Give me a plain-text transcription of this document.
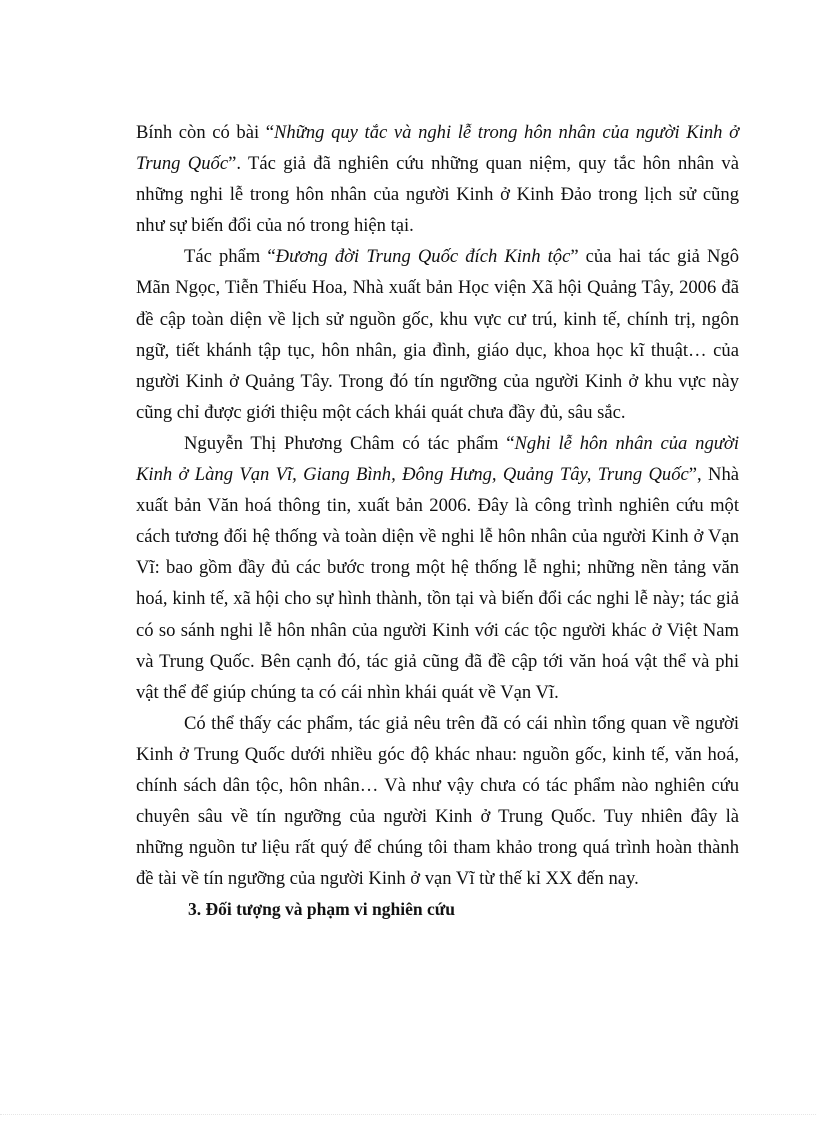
Bính còn có bài “Những quy tắc và nghi lễ trong hôn nhân của người Kinh ở Trung Quốc”. Tác giả đã nghiên cứu những quan niệm, quy tắc hôn nhân và những nghi lễ trong hôn nhân của người Kinh ở Kinh Đảo trong lịch sử cũng như sự biến đổi của nó trong hiện tại.

Tác phẩm “Đương đời Trung Quốc đích Kinh tộc” của hai tác giả Ngô Mãn Ngọc, Tiễn Thiếu Hoa, Nhà xuất bản Học viện Xã hội Quảng Tây, 2006 đã đề cập toàn diện về lịch sử nguồn gốc, khu vực cư trú, kinh tế, chính trị, ngôn ngữ, tiết khánh tập tục, hôn nhân, gia đình, giáo dục, khoa học kĩ thuật… của người Kinh ở Quảng Tây. Trong đó tín ngưỡng của người Kinh ở khu vực này cũng chỉ được giới thiệu một cách khái quát chưa đầy đủ, sâu sắc.

Nguyễn Thị Phương Châm có tác phẩm “Nghi lễ hôn nhân của người Kinh ở Làng Vạn Vĩ, Giang Bình, Đông Hưng, Quảng Tây, Trung Quốc”, Nhà xuất bản Văn hoá thông tin, xuất bản 2006. Đây là công trình nghiên cứu một cách tương đối hệ thống và toàn diện về nghi lễ hôn nhân của người Kinh ở Vạn Vĩ: bao gồm đầy đủ các bước trong một hệ thống lễ nghi; những nền tảng văn hoá, kinh tế, xã hội cho sự hình thành, tồn tại và biến đổi các nghi lễ này; tác giả có so sánh nghi lễ hôn nhân của người Kinh với các tộc người khác ở Việt Nam và Trung Quốc. Bên cạnh đó, tác giả cũng đã đề cập tới văn hoá vật thể và phi vật thể để giúp chúng ta có cái nhìn khái quát về Vạn Vĩ.

Có thể thấy các phẩm, tác giả nêu trên đã có cái nhìn tổng quan về người Kinh ở Trung Quốc dưới nhiều góc độ khác nhau: nguồn gốc, kinh tế, văn hoá, chính sách dân tộc, hôn nhân… Và như vậy chưa có tác phẩm nào nghiên cứu chuyên sâu về tín ngưỡng của người Kinh ở Trung Quốc. Tuy nhiên đây là những nguồn tư liệu rất quý để chúng tôi tham khảo trong quá trình hoàn thành đề tài về tín ngưỡng của người Kinh ở vạn Vĩ từ thế kỉ XX đến nay.

3. Đối tượng và phạm vi nghiên cứu
